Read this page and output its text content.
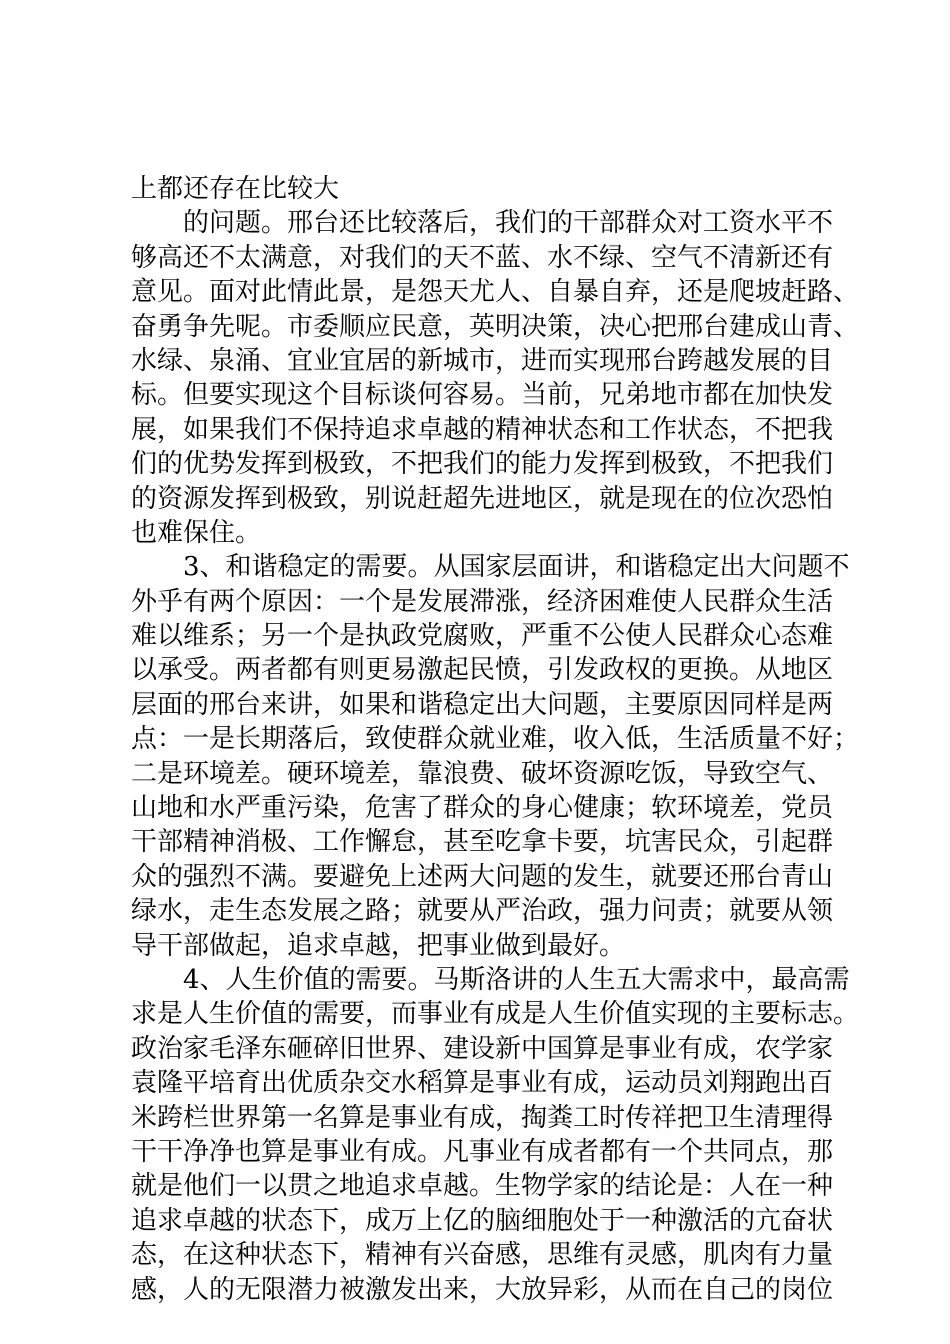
上都还存在比较大
的问题。邢台还比较落后，我们的干部群众对工资水平不
够高还不太满意，对我们的天不蓝、水不绿、空气不清新还有
意见。面对此情此景，是怨天尤人、自暴自弃，还是爬坡赶路、
奋勇争先呢。市委顺应民意，英明决策，决心把邢台建成山青、
水绿、泉涌、宜业宜居的新城市，进而实现邢台跨越发展的目
标。但要实现这个目标谈何容易。当前，兄弟地市都在加快发
展，如果我们不保持追求卓越的精神状态和工作状态，不把我
们的优势发挥到极致，不把我们的能力发挥到极致，不把我们
的资源发挥到极致，别说赶超先进地区，就是现在的位次恐怕
也难保住。
3、和谐稳定的需要。从国家层面讲，和谐稳定出大问题不
外乎有两个原因：一个是发展滞涨，经济困难使人民群众生活
难以维系；另一个是执政党腐败，严重不公使人民群众心态难
以承受。两者都有则更易激起民愤，引发政权的更换。从地区
层面的邢台来讲，如果和谐稳定出大问题，主要原因同样是两
点：一是长期落后，致使群众就业难，收入低，生活质量不好；
二是环境差。硬环境差，靠浪费、破坏资源吃饭，导致空气、
山地和水严重污染，危害了群众的身心健康；软环境差，党员
干部精神消极、工作懈怠，甚至吃拿卡要，坑害民众，引起群
众的强烈不满。要避免上述两大问题的发生，就要还邢台青山
绿水，走生态发展之路；就要从严治政，强力问责；就要从领
导干部做起，追求卓越，把事业做到最好。
4、人生价值的需要。马斯洛讲的人生五大需求中，最高需
求是人生价值的需要，而事业有成是人生价值实现的主要标志。
政治家毛泽东砸碎旧世界、建设新中国算是事业有成，农学家
袁隆平培育出优质杂交水稻算是事业有成，运动员刘翔跑出百
米跨栏世界第一名算是事业有成，掏粪工时传祥把卫生清理得
干干净净也算是事业有成。凡事业有成者都有一个共同点，那
就是他们一以贯之地追求卓越。生物学家的结论是：人在一种
追求卓越的状态下，成万上亿的脑细胞处于一种激活的亢奋状
态，在这种状态下，精神有兴奋感，思维有灵感，肌肉有力量
感，人的无限潜力被激发出来，大放异彩，从而在自己的岗位
